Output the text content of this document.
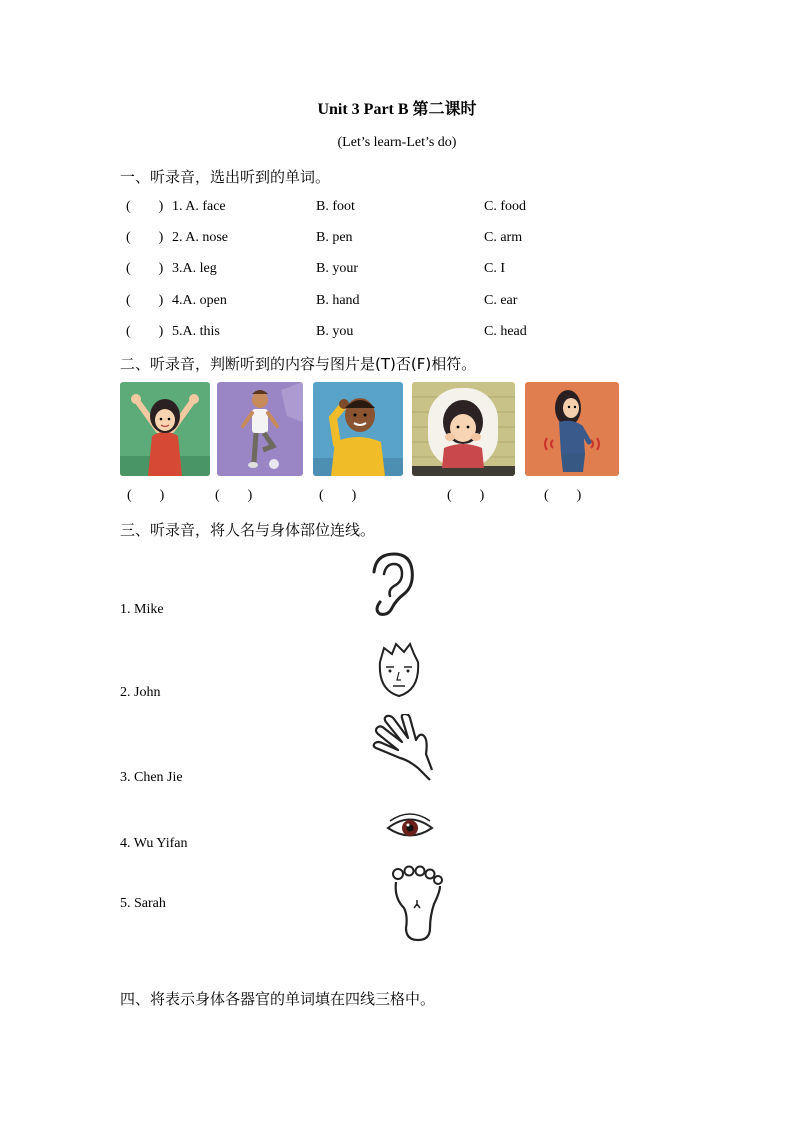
Unit 3 Part B 第二课时
(Let’s learn-Let’s do)
一、听录音，选出听到的单词。
(        ) 1. A. face	B. foot	C. food
(        ) 2. A. nose	B. pen	C. arm
(        ) 3.A. leg	B. your	C. I
(        ) 4.A. open	B. hand	C. ear
(        ) 5.A. this	B. you	C. head
二、听录音，判断听到的内容与图片是(T)否(F)相符。
(        )	(        )	(        )	(        )	(        )
三、听录音，将人名与身体部位连线。
1. Mike
2. John
3. Chen Jie
4. Wu Yifan
5. Sarah
四、将表示身体各器官的单词填在四线三格中。
